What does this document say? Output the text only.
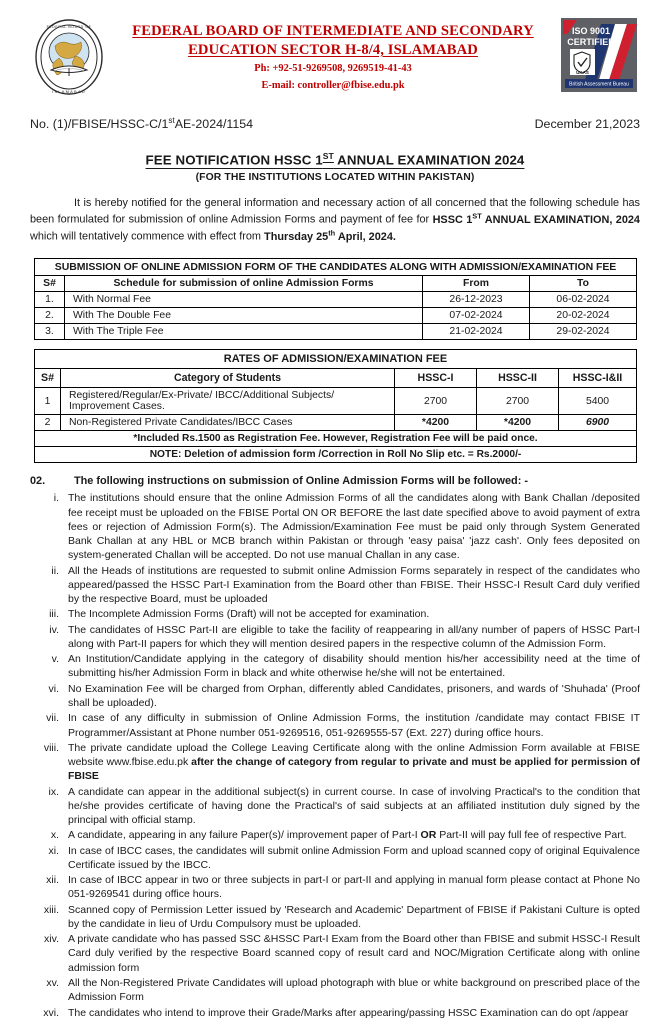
FEDERAL BOARD OF
ISLAMABAD
FEDERAL BOARD OF INTERMEDIATE AND SECONDARY
EDUCATION SECTOR H-8/4, ISLAMABAD
Ph: +92-51-9269508, 9269519-41-43
E-mail: controller@fbise.edu.pk
ISO 9001
CERTIFIED
UKAS
British Assessment Bureau
No. (1)/FBISE/HSSC-C/1stAE-2024/1154	December 21,2023
FEE NOTIFICATION HSSC 1ST ANNUAL EXAMINATION 2024
(FOR THE INSTITUTIONS LOCATED WITHIN PAKISTAN)

It is hereby notified for the general information and necessary action of all concerned that the following schedule has been formulated for submission of online Admission Forms and payment of fee for HSSC 1ST ANNUAL EXAMINATION, 2024 which will tentatively commence with effect from Thursday 25th April, 2024.

SUBMISSION OF ONLINE ADMISSION FORM OF THE CANDIDATES ALONG WITH ADMISSION/EXAMINATION FEE			
S#	Schedule for submission of online Admission Forms	From	To
1.	With Normal Fee	26-12-2023	06-02-2024
2.	With The Double Fee	07-02-2024	20-02-2024
3.	With The Triple Fee	21-02-2024	29-02-2024
RATES OF ADMISSION/EXAMINATION FEE				
S#	Category of Students	HSSC-I	HSSC-II	HSSC-I&II
1	Registered/Regular/Ex-Private/ IBCC/Additional Subjects/ Improvement Cases.	2700	2700	5400
2	Non-Registered Private Candidates/IBCC Cases	*4200	*4200	6900
*Included Rs.1500 as Registration Fee. However, Registration Fee will be paid once.				
NOTE: Deletion of admission form /Correction in Roll No Slip etc. = Rs.2000/-				
02.	The following instructions on submission of Online Admission Forms will be followed: -
i. The institutions should ensure that the online Admission Forms of all the candidates along with Bank Challan /deposited fee receipt must be uploaded on the FBISE Portal ON OR BEFORE the last date specified above to avoid payment of extra fees or rejection of Admission Form(s). The Admission/Examination Fee must be paid only through System Generated Bank Challan at any HBL or MCB branch within Pakistan or through 'easy paisa' 'jazz cash'. Only fees deposited on system-generated Challan will be accepted. Do not use manual Challan in any case.
ii. All the Heads of institutions are requested to submit online Admission Forms separately in respect of the candidates who appeared/passed the HSSC Part-I Examination from the Board other than FBISE. Their HSSC-I Result Card duly verified by the respective Board, must be uploaded
iii. The Incomplete Admission Forms (Draft) will not be accepted for examination.
iv. The candidates of HSSC Part-II are eligible to take the facility of reappearing in all/any number of papers of HSSC Part-I along with Part-II papers for which they will mention desired papers in the respective column of the Admission Form.
v. An Institution/Candidate applying in the category of disability should mention his/her accessibility need at the time of submitting his/her Admission Form in black and white otherwise he/she will not be entertained.
vi. No Examination Fee will be charged from Orphan, differently abled Candidates, prisoners, and wards of 'Shuhada' (Proof shall be uploaded).
vii. In case of any difficulty in submission of Online Admission Forms, the institution /candidate may contact FBISE IT Programmer/Assistant at Phone number 051-9269516, 051-9269555-57 (Ext. 227) during office hours.
viii. The private candidate upload the College Leaving Certificate along with the online Admission Form available at FBISE website www.fbise.edu.pk after the change of category from regular to private and must be applied for permission of FBISE
ix. A candidate can appear in the additional subject(s) in current course. In case of involving Practical's to the condition that he/she provides certificate of having done the Practical's of said subjects at an affiliated institution duly signed by the principal with official stamp.
x. A candidate, appearing in any failure Paper(s)/ improvement paper of Part-I OR Part-II will pay full fee of respective Part.
xi. In case of IBCC cases, the candidates will submit online Admission Form and upload scanned copy of original Equivalence Certificate issued by the IBCC.
xii. In case of IBCC appear in two or three subjects in part-I or part-II and applying in manual form please contact at Phone No 051-9269541 during office hours.
xiii. Scanned copy of Permission Letter issued by 'Research and Academic' Department of FBISE if Pakistani Culture is opted by the candidate in lieu of Urdu Compulsory must be uploaded.
xiv. A private candidate who has passed SSC &HSSC Part-I Exam from the Board other than FBISE and submit HSSC-I Result Card duly verified by the respective Board scanned copy of result card and NOC/Migration Certificate along with online admission form
xv. All the Non-Registered Private Candidates will upload photograph with blue or white background on prescribed place of the Admission Form
xvi. The candidates who intend to improve their Grade/Marks after appearing/passing HSSC Examination can do opt /appear
